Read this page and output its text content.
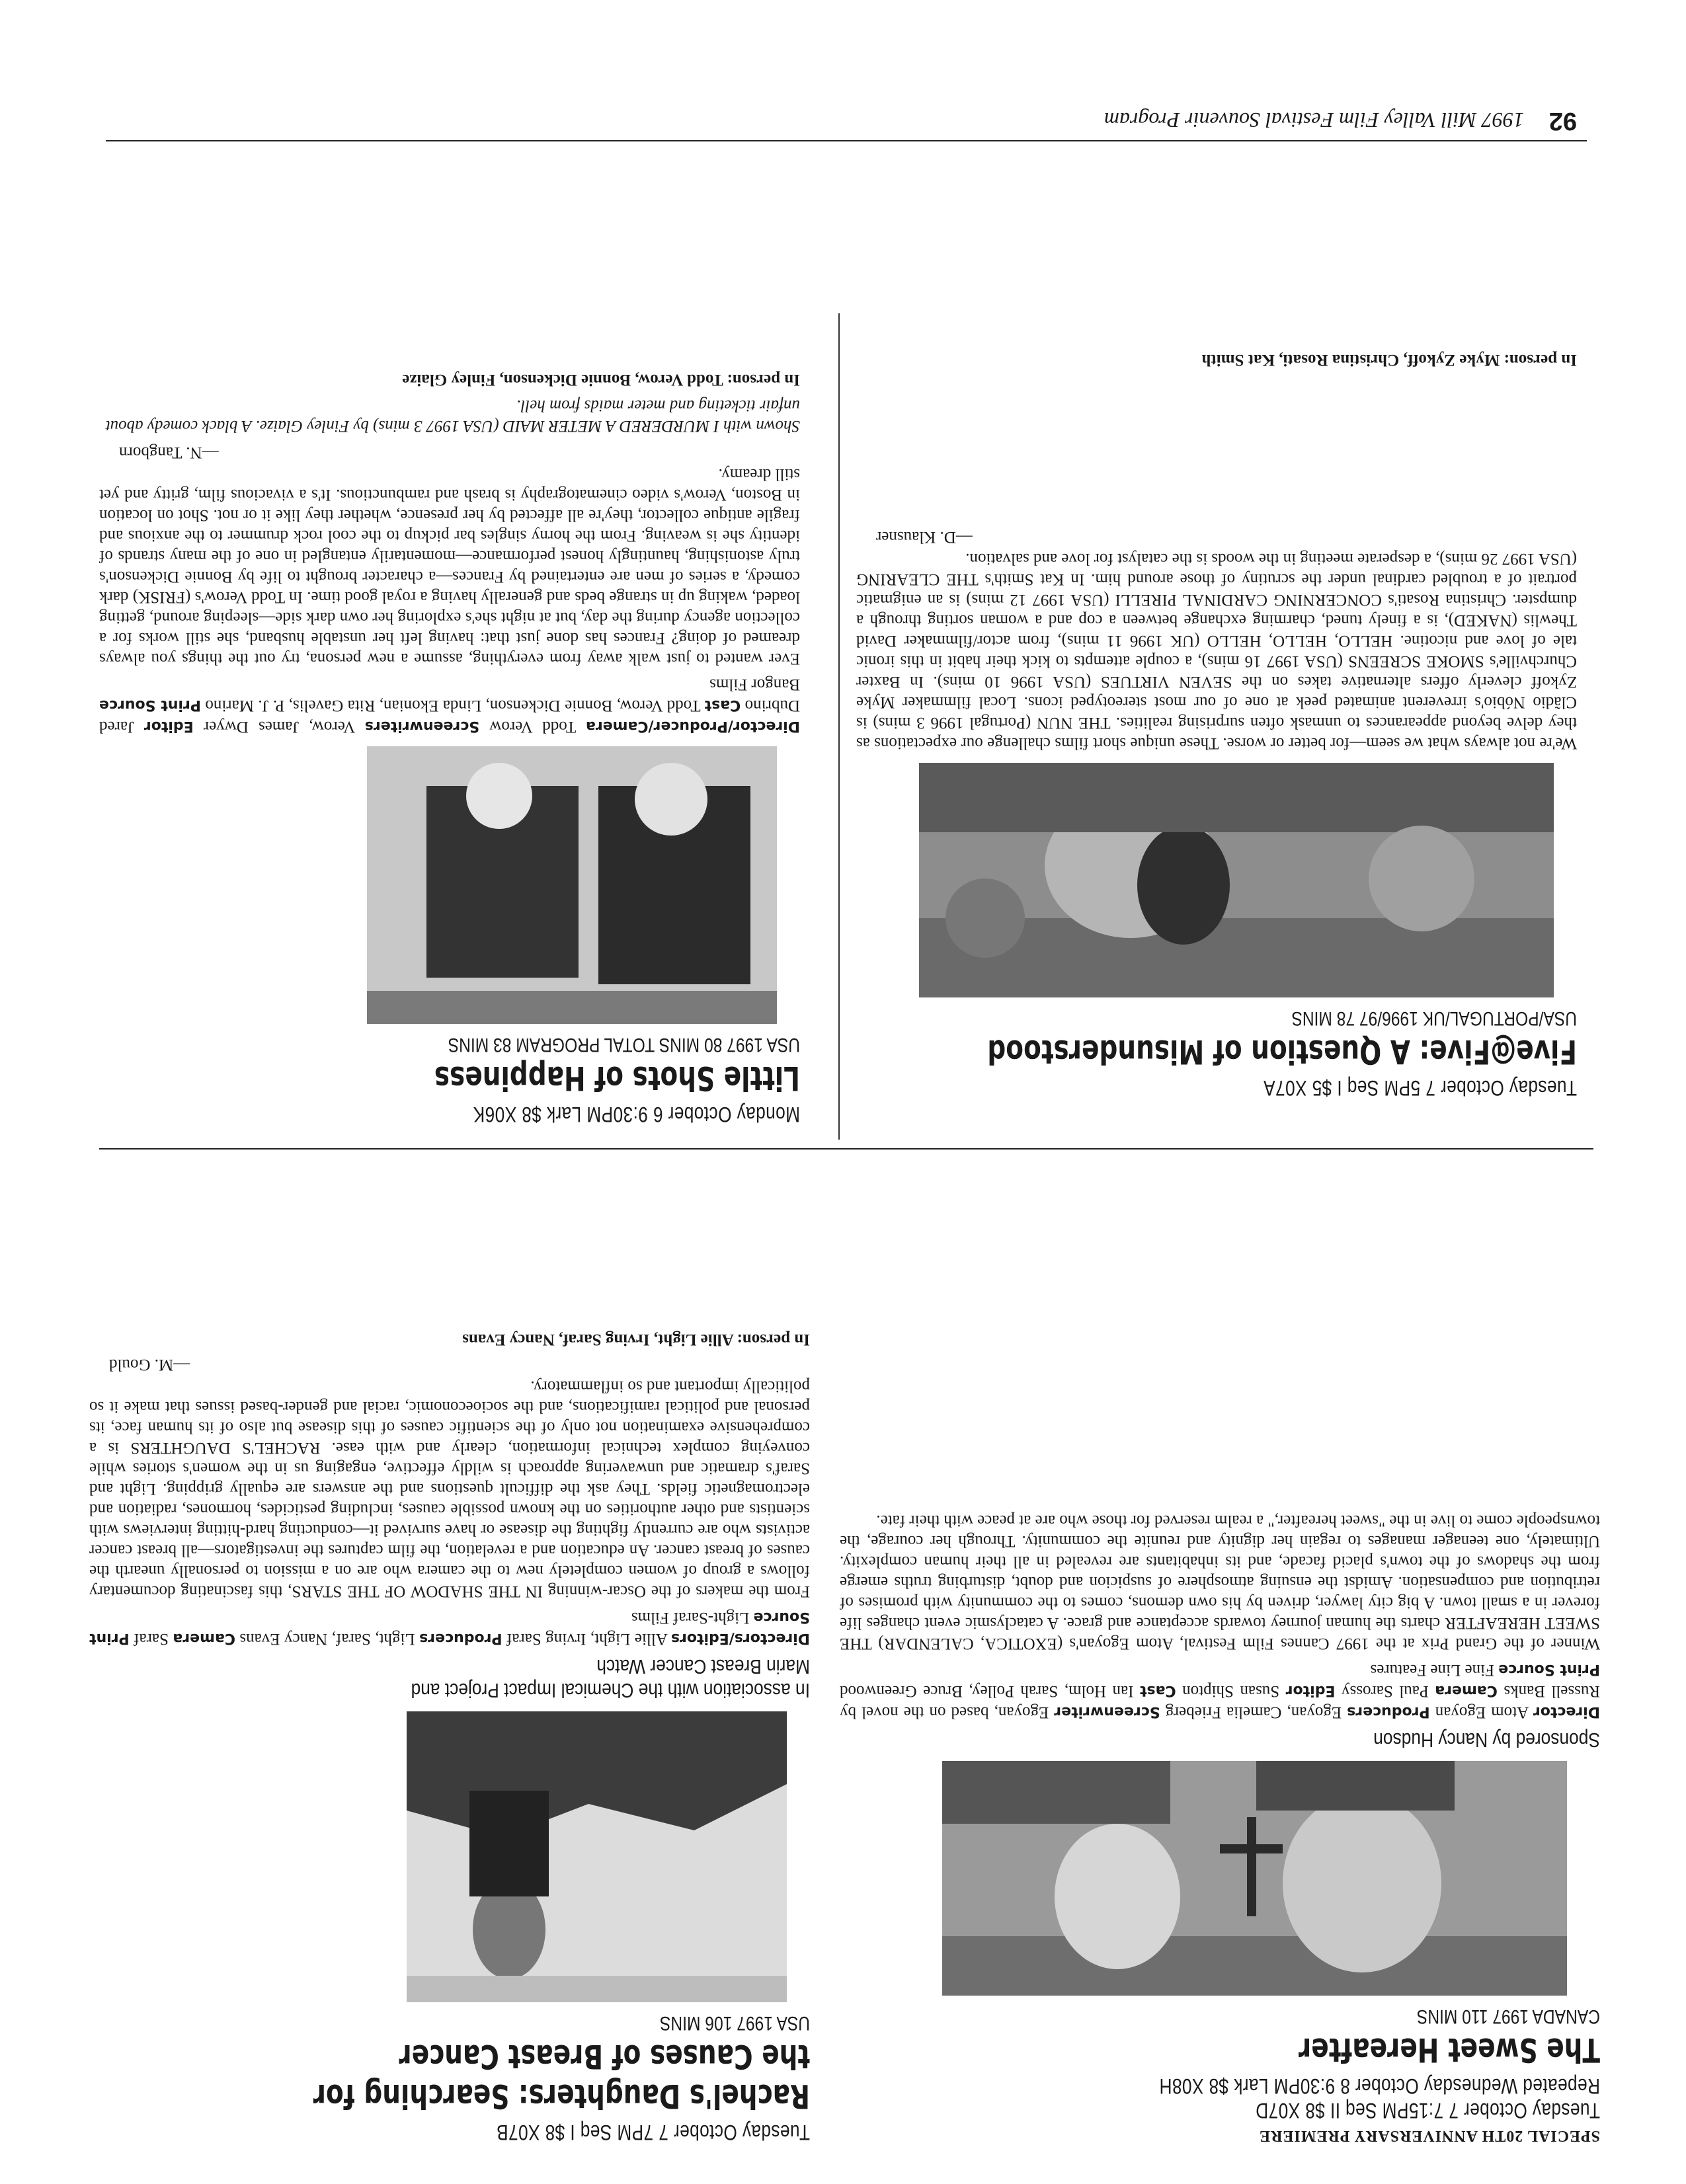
92
1997 Mill Valley Film Festival Souvenir Program
SPECIAL 20TH ANNIVERSARY PREMIERE
Tuesday October 7 7:15PM Seq II $8 X07D
Repeated Wednesday October 8 9:30PM Lark $8 X08H
The Sweet Hereafter
CANADA 1997 110 MINS
Sponsored by Nancy Hudson
Director Atom Egoyan Producers Egoyan, Camelia Frieberg Screenwriter Egoyan, based on the novel by Russell Banks Camera Paul Sarossy Editor Susan Shipton Cast Ian Holm, Sarah Polley, Bruce Greenwood Print Source Fine Line Features

Winner of the Grand Prix at the 1997 Cannes Film Festival, Atom Egoyan's (EXOTICA, CALENDAR) THE SWEET HEREAFTER charts the human journey towards acceptance and grace. A cataclysmic event changes life forever in a small town. A big city lawyer, driven by his own demons, comes to the community with promises of retribution and compensation. Amidst the ensuing atmosphere of suspicion and doubt, disturbing truths emerge from the shadows of the town's placid facade, and its inhabitants are revealed in all their human complexity. Ultimately, one teenager manages to regain her dignity and reunite the community. Through her courage, the townspeople come to live in the "sweet hereafter," a realm reserved for those who are at peace with their fate.

Tuesday October 7 7PM Seq I $8 X07B
Rachel's Daughters: Searching for the Causes of Breast Cancer
USA 1997 106 MINS
In association with the Chemical Impact Project and Marin Breast Cancer Watch
Directors/Editors Allie Light, Irving Saraf Producers Light, Saraf, Nancy Evans Camera Saraf Print Source Light-Saraf Films

From the makers of the Oscar-winning IN THE SHADOW OF THE STARS, this fascinating documentary follows a group of women completely new to the camera who are on a mission to personally unearth the causes of breast cancer. An education and a revelation, the film captures the investigators—all breast cancer activists who are currently fighting the disease or have survived it—conducting hard-hitting interviews with scientists and other authorities on the known possible causes, including pesticides, hormones, radiation and electromagnetic fields. They ask the difficult questions and the answers are equally gripping. Light and Saraf's dramatic and unwavering approach is wildly effective, engaging us in the women's stories while conveying complex technical information, clearly and with ease. RACHEL'S DAUGHTERS is a comprehensive examination not only of the scientific causes of this disease but also of its human face, its personal and political ramifications, and the socioeconomic, racial and gender-based issues that make it so politically important and so inflammatory.

—M. Gould
In person: Allie Light, Irving Saraf, Nancy Evans
Monday October 6 9:30PM Lark $8 X06K
Little Shots of Happiness
USA 1997 80 MINS TOTAL PROGRAM 83 MINS
Director/Producer/Camera Todd Verow Screenwriters Verow, James Dwyer Editor Jared Dubrino Cast Todd Verow, Bonnie Dickenson, Linda Ekonian, Rita Gavelis, P. J. Marino Print Source Bangor Films

Ever wanted to just walk away from everything, assume a new persona, try out the things you always dreamed of doing? Frances has done just that: having left her unstable husband, she still works for a collection agency during the day, but at night she's exploring her own dark side—sleeping around, getting loaded, waking up in strange beds and generally having a royal good time. In Todd Verow's (FRISK) dark comedy, a series of men are entertained by Frances—a character brought to life by Bonnie Dickenson's truly astonishing, hauntingly honest performance—momentarily entangled in one of the many strands of identity she is weaving. From the horny singles bar pickup to the cool rock drummer to the anxious and fragile antique collector, they're all affected by her presence, whether they like it or not. Shot on location in Boston, Verow's video cinematography is brash and rambunctious. It's a vivacious film, gritty and yet still dreamy.

—N. Tangborn
Shown with I MURDERED A METER MAID (USA 1997 3 mins) by Finley Glaize. A black comedy about unfair ticketing and meter maids from hell.
In person: Todd Verow, Bonnie Dickenson, Finley Glaize
Tuesday October 7 5PM Seq I $5 X07A
Five@Five: A Question of Misunderstood
USA/PORTUGAL/UK 1996/97 78 MINS

We're not always what we seem—for better or worse. These unique short films challenge our expectations as they delve beyond appearances to unmask often surprising realities. THE NUN (Portugal 1996 3 mins) is Clãdio Nóbio's irreverent animated peek at one of our most stereotyped icons. Local filmmaker Myke Zykoff cleverly offers alternative takes on the SEVEN VIRTUES (USA 1996 10 mins). In Baxter Churchville's SMOKE SCREENS (USA 1997 16 mins), a couple attempts to kick their habit in this ironic tale of love and nicotine. HELLO, HELLO, HELLO (UK 1996 11 mins), from actor/filmmaker David Thewlis (NAKED), is a finely tuned, charming exchange between a cop and a woman sorting through a dumpster. Christina Rosati's CONCERNING CARDINAL PIRELLI (USA 1997 12 mins) is an enigmatic portrait of a troubled cardinal under the scrutiny of those around him. In Kat Smith's THE CLEARING (USA 1997 26 mins), a desperate meeting in the woods is the catalyst for love and salvation.

—D. Klausner
In person: Myke Zykoff, Christina Rosati, Kat Smith
